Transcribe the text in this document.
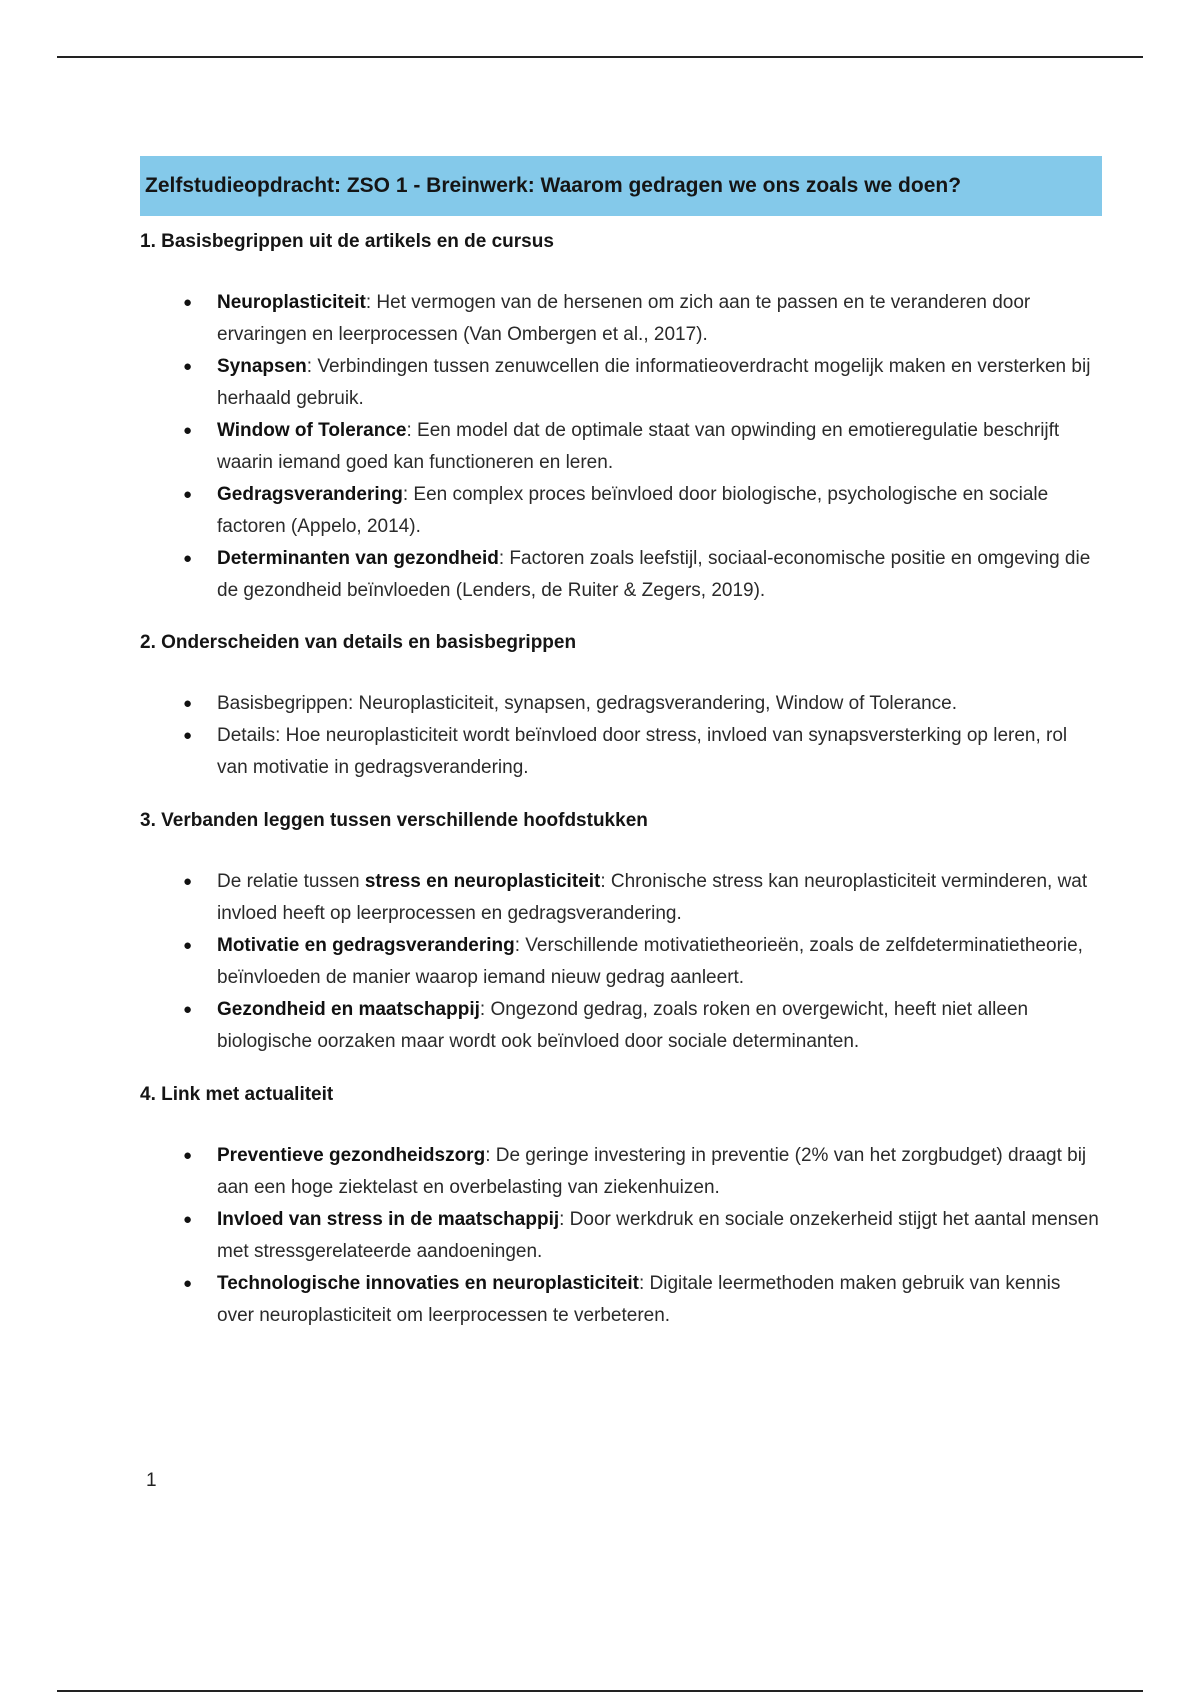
Zelfstudieopdracht: ZSO 1 - Breinwerk: Waarom gedragen we ons zoals we doen?
1. Basisbegrippen uit de artikels en de cursus
● Neuroplasticiteit: Het vermogen van de hersenen om zich aan te passen en te veranderen door ervaringen en leerprocessen (Van Ombergen et al., 2017).
● Synapsen: Verbindingen tussen zenuwcellen die informatieoverdracht mogelijk maken en versterken bij herhaald gebruik.
● Window of Tolerance: Een model dat de optimale staat van opwinding en emotieregulatie beschrijft waarin iemand goed kan functioneren en leren.
● Gedragsverandering: Een complex proces beïnvloed door biologische, psychologische en sociale factoren (Appelo, 2014).
● Determinanten van gezondheid: Factoren zoals leefstijl, sociaal-economische positie en omgeving die de gezondheid beïnvloeden (Lenders, de Ruiter & Zegers, 2019).
2. Onderscheiden van details en basisbegrippen
● Basisbegrippen: Neuroplasticiteit, synapsen, gedragsverandering, Window of Tolerance.
● Details: Hoe neuroplasticiteit wordt beïnvloed door stress, invloed van synapsversterking op leren, rol van motivatie in gedragsverandering.
3. Verbanden leggen tussen verschillende hoofdstukken
● De relatie tussen stress en neuroplasticiteit: Chronische stress kan neuroplasticiteit verminderen, wat invloed heeft op leerprocessen en gedragsverandering.
● Motivatie en gedragsverandering: Verschillende motivatietheorieën, zoals de zelfdeterminatietheorie, beïnvloeden de manier waarop iemand nieuw gedrag aanleert.
● Gezondheid en maatschappij: Ongezond gedrag, zoals roken en overgewicht, heeft niet alleen biologische oorzaken maar wordt ook beïnvloed door sociale determinanten.
4. Link met actualiteit
● Preventieve gezondheidszorg: De geringe investering in preventie (2% van het zorgbudget) draagt bij aan een hoge ziektelast en overbelasting van ziekenhuizen.
● Invloed van stress in de maatschappij: Door werkdruk en sociale onzekerheid stijgt het aantal mensen met stressgerelateerde aandoeningen.
● Technologische innovaties en neuroplasticiteit: Digitale leermethoden maken gebruik van kennis over neuroplasticiteit om leerprocessen te verbeteren.
1
